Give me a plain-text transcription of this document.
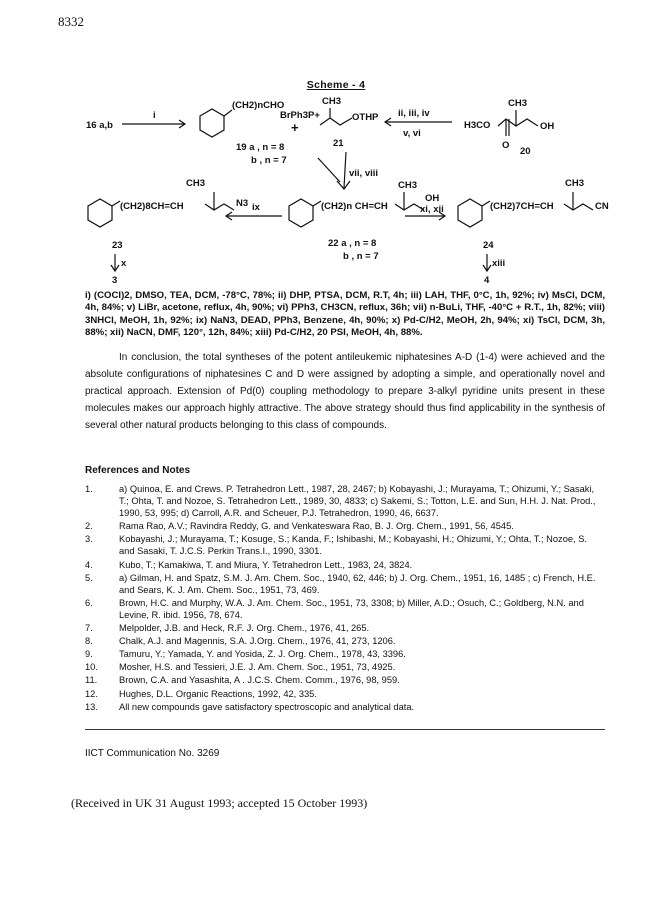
8332
Scheme - 4
16 a,b
i
(CH2)nCHO
19 a , n = 8
b , n = 7
+
BrPh3P+
CH3
OTHP
21
ii, iii, iv
v, vi
H3CO
CH3
OH
O
20
CH3
(CH2)8CH=CH	N3 ix
vii, viii
(CH2)n CH=CH
CH3
OH
22 a , n = 8
b , n = 7
xi, xii
CH3
(CH2)7CH=CH	CN
23
x
3
24
xiii
4
i) (COCl)2, DMSO, TEA, DCM, -78°C, 78%; ii) DHP, PTSA, DCM, R.T, 4h; iii) LAH, THF, 0°C, 1h, 92%; iv) MsCl, DCM, 4h, 84%; v) LiBr, acetone, reflux, 4h, 90%; vi) PPh3, CH3CN, reflux, 36h; vii) n-BuLi, THF, -40°C + R.T., 1h, 82%; viii) 3NHCl, MeOH, 1h, 92%; ix) NaN3, DEAD, PPh3, Benzene, 4h, 90%; x) Pd-C/H2, MeOH, 2h, 94%; xi) TsCl, DCM, 3h, 88%; xii) NaCN, DMF, 120°, 12h, 84%; xiii) Pd-C/H2, 20 PSI, MeOH, 4h, 88%.
In conclusion, the total syntheses of the potent antileukemic niphatesines A-D (1-4) were achieved and the absolute configurations of niphatesines C and D were assigned by adopting a simple, and operationally novel and practical approach. Extension of Pd(0) coupling methodology to prepare 3-alkyl pyridine units present in these molecules makes our approach highly attractive. The above strategy should thus find applicability in the synthesis of several other natural products belonging to this class of compounds.
References and Notes
1.	a) Quinoa, E. and Crews. P. Tetrahedron Lett., 1987, 28, 2467; b) Kobayashi, J.; Murayama, T.; Ohizumi, Y.; Sasaki, T.; Ohta, T. and Nozoe, S. Tetrahedron Lett., 1989, 30, 4833; c) Sakemi, S.; Totton, L.E. and Sun, H.H. J. Nat. Prod., 1990, 53, 995; d) Carroll, A.R. and Scheuer, P.J. Tetrahedron, 1990, 46, 6637.
2.	Rama Rao, A.V.; Ravindra Reddy, G. and Venkateswara Rao, B. J. Org. Chem., 1991, 56, 4545.
3.	Kobayashi, J.; Murayama, T.; Kosuge, S.; Kanda, F.; Ishibashi, M.; Kobayashi, H.; Ohizumi, Y.; Ohta, T.; Nozoe, S. and Sasaki, T. J.C.S. Perkin Trans.I., 1990, 3301.
4.	Kubo, T.; Kamakiwa, T. and Miura, Y. Tetrahedron Lett., 1983, 24, 3824.
5.	a) Gilman, H. and Spatz, S.M. J. Am. Chem. Soc., 1940, 62, 446; b) J. Org. Chem., 1951, 16, 1485 ; c) French, H.E. and Sears, K. J. Am. Chem. Soc., 1951, 73, 469.
6.	Brown, H.C. and Murphy, W.A. J. Am. Chem. Soc., 1951, 73, 3308; b) Miller, A.D.; Osuch, C.; Goldberg, N.N. and Levine, R. ibid. 1956, 78, 674.
7.	Melpolder, J.B. and Heck, R.F. J. Org. Chem., 1976, 41, 265.
8.	Chalk, A.J. and Magennis, S.A. J.Org. Chem., 1976, 41, 273, 1206.
9.	Tamuru, Y.; Yamada, Y. and Yosida, Z. J. Org. Chem., 1978, 43, 3396.
10.	Mosher, H.S. and Tessieri, J.E. J. Am. Chem. Soc., 1951, 73, 4925.
11.	Brown, C.A. and Yasashita, A . J.C.S. Chem. Comm., 1976, 98, 959.
12.	Hughes, D.L. Organic Reactions, 1992, 42, 335.
13.	All new compounds gave satisfactory spectroscopic and analytical data.
IICT Communication No. 3269
(Received in UK 31 August 1993; accepted 15 October 1993)
